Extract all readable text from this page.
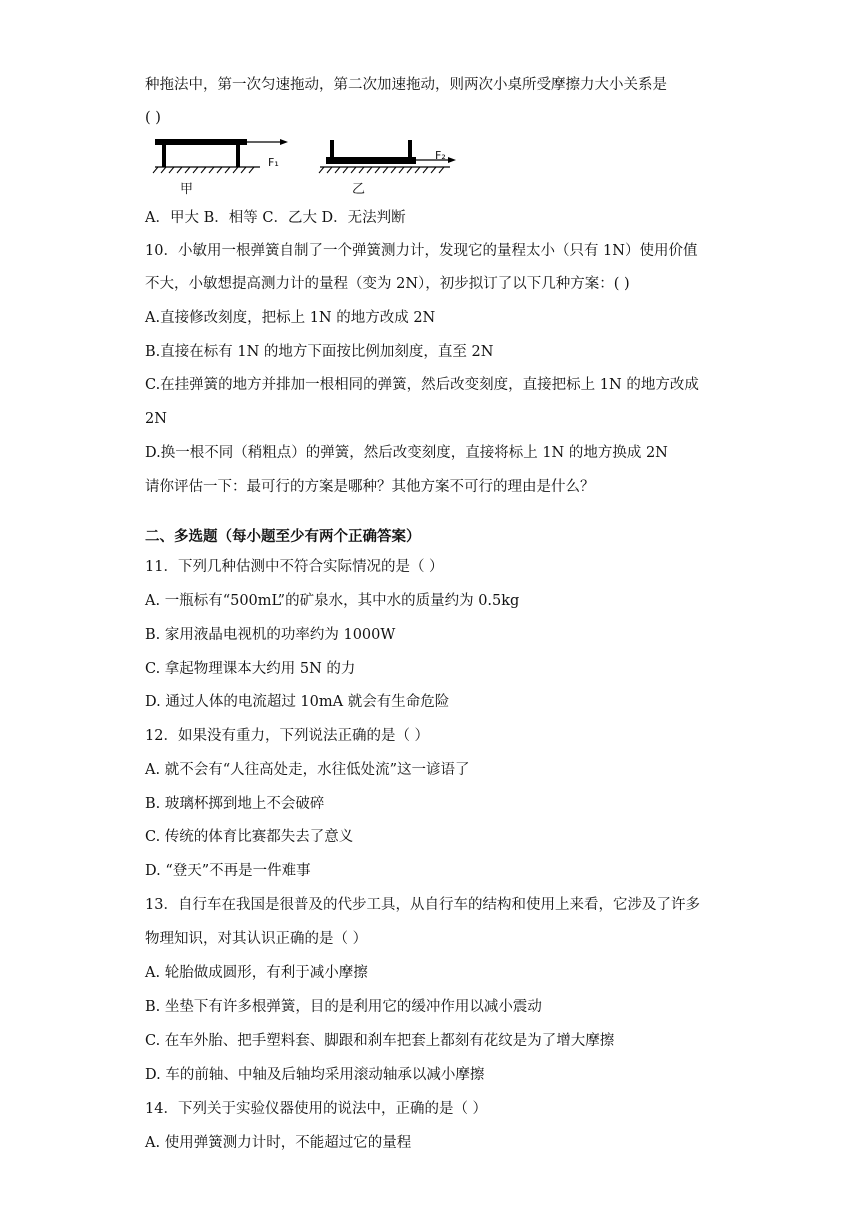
种拖法中，第一次匀速拖动，第二次加速拖动，则两次小桌所受摩擦力大小关系是
( )
F₁
F₂
甲	乙
A．甲大 B．相等 C．乙大 D．无法判断
10．小敏用一根弹簧自制了一个弹簧测力计，发现它的量程太小（只有 1N）使用价值
不大，小敏想提高测力计的量程（变为 2N），初步拟订了以下几种方案：( )
A.直接修改刻度，把标上 1N 的地方改成 2N
B.直接在标有 1N 的地方下面按比例加刻度，直至 2N
C.在挂弹簧的地方并排加一根相同的弹簧，然后改变刻度，直接把标上 1N 的地方改成
2N
D.换一根不同（稍粗点）的弹簧，然后改变刻度，直接将标上 1N 的地方换成 2N
请你评估一下：最可行的方案是哪种？其他方案不可行的理由是什么？
二、多选题（每小题至少有两个正确答案）
11．下列几种估测中不符合实际情况的是（ ）
A. 一瓶标有“500mL”的矿泉水，其中水的质量约为 0.5kg
B. 家用液晶电视机的功率约为 1000W
C. 拿起物理课本大约用 5N 的力
D. 通过人体的电流超过 10mA 就会有生命危险
12．如果没有重力，下列说法正确的是（ ）
A. 就不会有“人往高处走，水往低处流”这一谚语了
B. 玻璃杯掷到地上不会破碎
C. 传统的体育比赛都失去了意义
D. “登天”不再是一件难事
13．自行车在我国是很普及的代步工具，从自行车的结构和使用上来看，它涉及了许多
物理知识，对其认识正确的是（ ）
A. 轮胎做成圆形，有利于减小摩擦
B. 坐垫下有许多根弹簧，目的是利用它的缓冲作用以减小震动
C. 在车外胎、把手塑料套、脚跟和刹车把套上都刻有花纹是为了增大摩擦
D. 车的前轴、中轴及后轴均采用滚动轴承以减小摩擦
14．下列关于实验仪器使用的说法中，正确的是（ ）
A. 使用弹簧测力计时，不能超过它的量程
